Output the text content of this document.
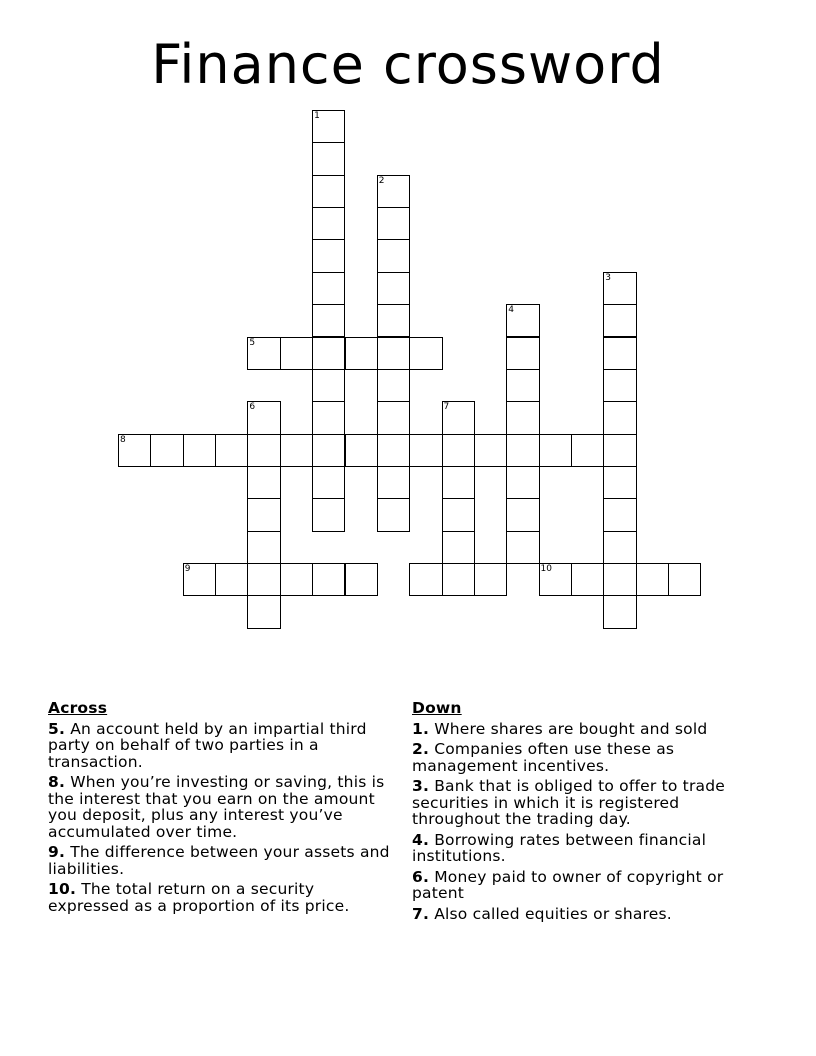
Finance crossword
1
2
3
4
5
6	7
8
9	10
Across
5. An account held by an impartial third party on behalf of two parties in a transaction.
8. When you’re investing or saving, this is the interest that you earn on the amount you deposit, plus any interest you’ve accumulated over time.
9. The difference between your assets and liabilities.
10. The total return on a security expressed as a proportion of its price.
Down
1. Where shares are bought and sold
2. Companies often use these as management incentives.
3. Bank that is obliged to offer to trade securities in which it is registered throughout the trading day.
4. Borrowing rates between financial institutions.
6. Money paid to owner of copyright or patent
7. Also called equities or shares.
